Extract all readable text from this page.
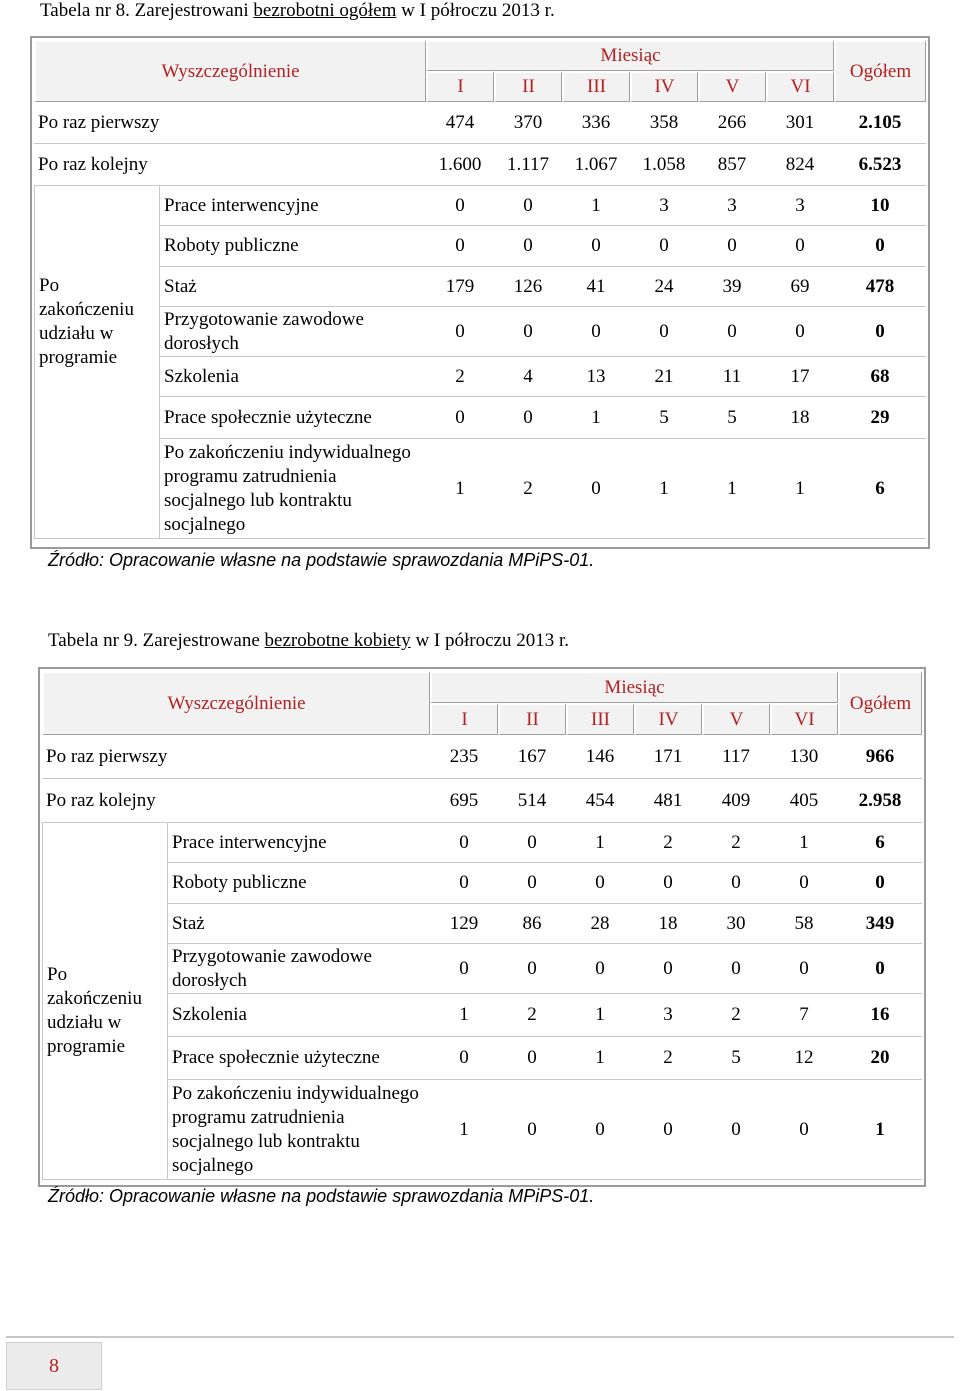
Tabela nr 8. Zarejestrowani bezrobotni ogółem w I półroczu 2013 r.
Wyszczególnienie		Miesiąc						Ogółem
		I	II	III	IV	V	VI	
Po raz pierwszy		474	370	336	358	266	301	2.105
Po raz kolejny		1.600	1.117	1.067	1.058	857	824	6.523
Po zakończeniu udziału w programie	Prace interwencyjne	0	0	1	3	3	3	10
	Roboty publiczne	0	0	0	0	0	0	0
	Staż	179	126	41	24	39	69	478
	Przygotowanie zawodowe dorosłych	0	0	0	0	0	0	0
	Szkolenia	2	4	13	21	11	17	68
	Prace społecznie użyteczne	0	0	1	5	5	18	29
	Po zakończeniu indywidualnego programu zatrudnienia socjalnego lub kontraktu socjalnego	1	2	0	1	1	1	6
Źródło: Opracowanie własne na podstawie sprawozdania MPiPS-01.
Tabela nr 9. Zarejestrowane bezrobotne kobiety w I półroczu 2013 r.
Wyszczególnienie		Miesiąc						Ogółem
		I	II	III	IV	V	VI	
Po raz pierwszy		235	167	146	171	117	130	966
Po raz kolejny		695	514	454	481	409	405	2.958
Po zakończeniu udziału w programie	Prace interwencyjne	0	0	1	2	2	1	6
	Roboty publiczne	0	0	0	0	0	0	0
	Staż	129	86	28	18	30	58	349
	Przygotowanie zawodowe dorosłych	0	0	0	0	0	0	0
	Szkolenia	1	2	1	3	2	7	16
	Prace społecznie użyteczne	0	0	1	2	5	12	20
	Po zakończeniu indywidualnego programu zatrudnienia socjalnego lub kontraktu socjalnego	1	0	0	0	0	0	1
Źródło: Opracowanie własne na podstawie sprawozdania MPiPS-01.
8
